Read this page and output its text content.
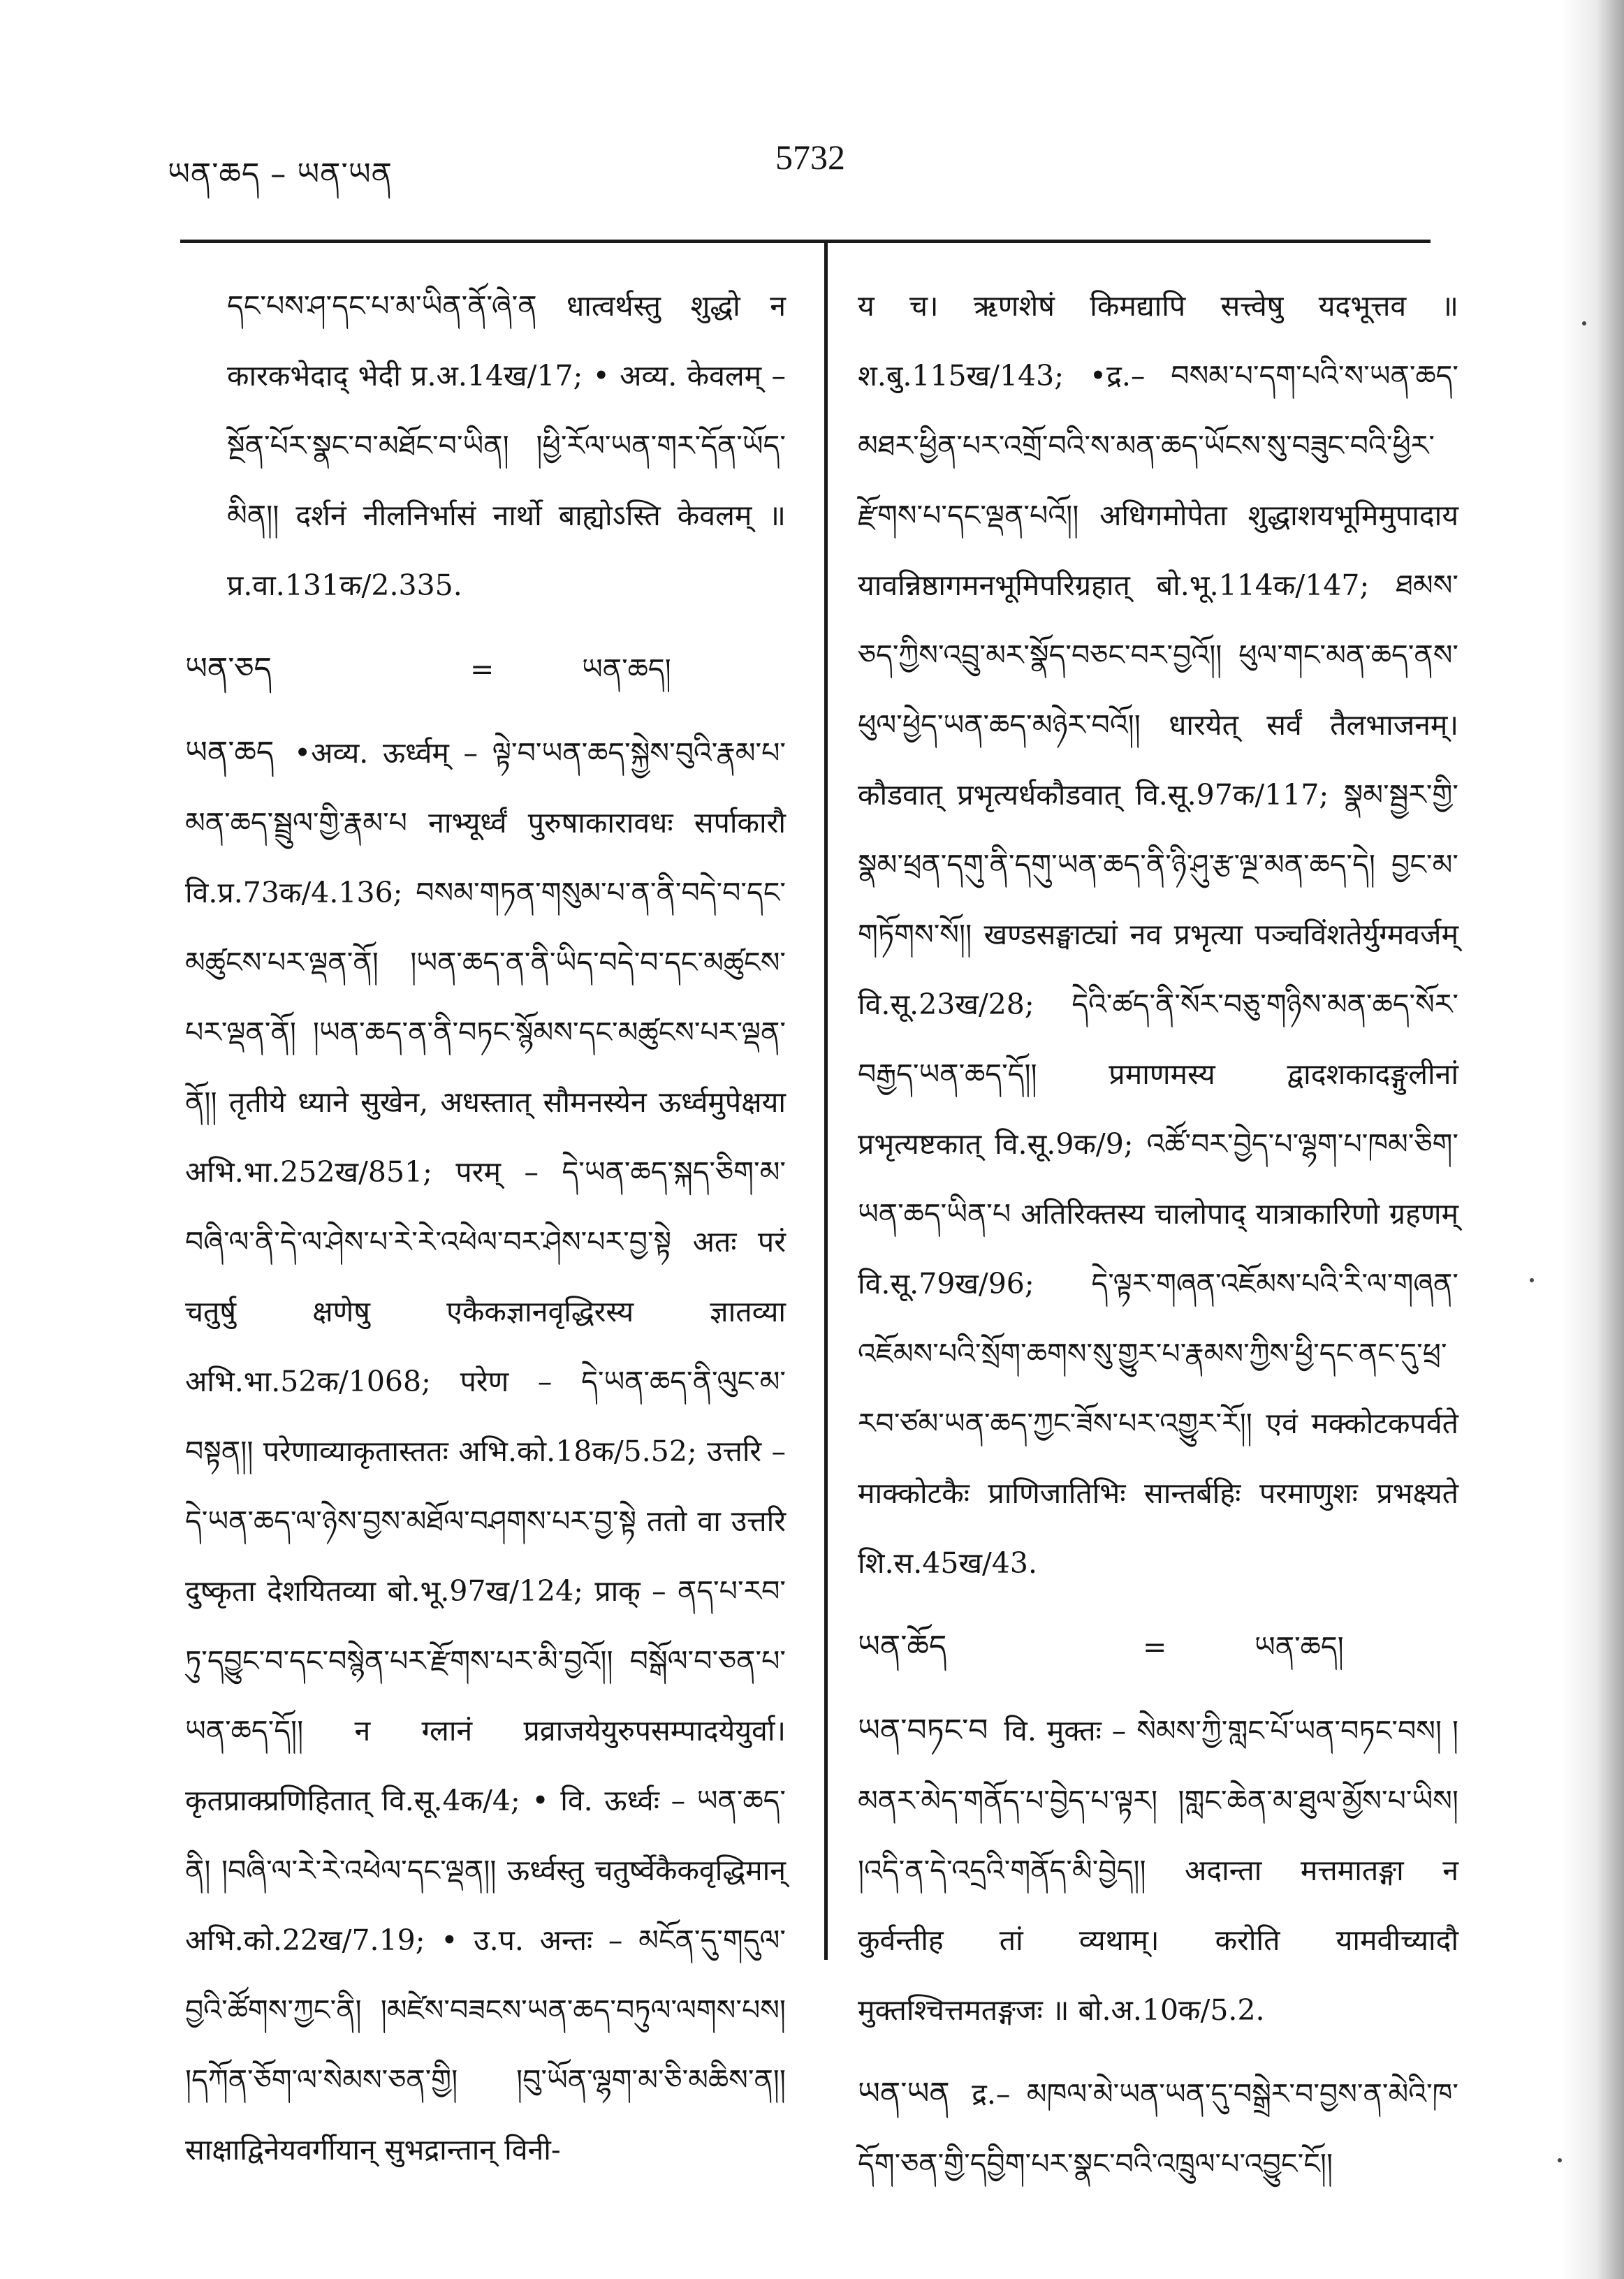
ཡན་ཆད – ཡན་ཡན	5732

དང་པས་ཤ་དང་པ་མ་ཡིན་ནོ་ཞེ་ན धात्वर्थस्तु शुद्धो न कारकभेदाद् भेदी प्र.अ.14ख/17; • अव्य. केवलम् – སྔོན་པོར་སྣང་བ་མཐོང་བ་ཡིན། །ཕྱི་རོལ་ཡན་གར་དོན་ཡོད་མིན།། दर्शनं नीलनिर्भासं नार्थो बाह्योऽस्ति केवलम् ॥ प्र.वा.131क/2.335.

ཡན་ཅད	=	ཡན་ཆད།

ཡན་ཆད •अव्य. ऊर्ध्वम् – ལྟེ་བ་ཡན་ཆད་སྐྱེས་བུའི་རྣམ་པ་མན་ཆད་སྦྲུལ་གྱི་རྣམ་པ नाभ्यूर्ध्वं पुरुषाकारावधः सर्पाकारौ वि.प्र.73क/4.136; བསམ་གཏན་གསུམ་པ་ན་ནི་བདེ་བ་དང་མཚུངས་པར་ལྡན་ནོ། །ཡན་ཆད་ན་ནི་ཡིད་བདེ་བ་དང་མཚུངས་པར་ལྡན་ནོ། །ཡན་ཆད་ན་ནི་བཏང་སྙོམས་དང་མཚུངས་པར་ལྡན་ནོ།། तृतीये ध्याने सुखेन, अधस्तात् सौमनस्येन ऊर्ध्वमुपेक्षया अभि.भा.252ख/851; परम् – དེ་ཡན་ཆད་སྐད་ཅིག་མ་བཞི་ལ་ནི་དེ་ལ་ཤེས་པ་རེ་རེ་འཕེལ་བར་ཤེས་པར་བྱ་སྟེ अतः परं चतुर्षु क्षणेषु एकैकज्ञानवृद्धिरस्य ज्ञातव्या अभि.भा.52क/1068; परेण – དེ་ཡན་ཆད་ནི་ལུང་མ་བསྟན།། परेणाव्याकृतास्ततः अभि.को.18क/5.52; उत्तरि – དེ་ཡན་ཆད་ལ་ཉེས་བྱས་མཐོལ་བཤགས་པར་བྱ་སྟེ ततो वा उत्तरि दुष्कृता देशयितव्या बो.भू.97ख/124; प्राक् – ནད་པ་རབ་ཏུ་དབྱུང་བ་དང་བསྙེན་པར་རྫོགས་པར་མི་བྱའོ།། བསྒོལ་བ་ཅན་པ་ཡན་ཆད་དོ།། न ग्लानं प्रव्राजयेयुरुपसम्पादयेयुर्वा। कृतप्राक्प्रणिहितात् वि.सू.4क/4; • वि. ऊर्ध्वः – ཡན་ཆད་ནི། །བཞི་ལ་རེ་རེ་འཕེལ་དང་ལྡན།། ऊर्ध्वस्तु चतुर्ष्वेकैकवृद्धिमान् अभि.को.22ख/7.19; • उ.प. अन्तः – མངོན་དུ་གདུལ་བྱའི་ཚོགས་ཀྱང་ནི། །མཛེས་བཟངས་ཡན་ཆད་བཏུལ་ལགས་པས། །དཀོན་ཅོག་ལ་སེམས་ཅན་གྱི། །བུ་ཡོན་ལྷག་མ་ཅི་མཆིས་ན།། साक्षाद्विनेयवर्गीयान् सुभद्रान्तान् विनी-

य च। ऋणशेषं किमद्यापि सत्त्वेषु यदभूत्तव ॥ श.बु.115ख/143; •द्र.– བསམ་པ་དག་པའི་ས་ཡན་ཆད་མཐར་ཕྱིན་པར་འགྲོ་བའི་ས་མན་ཆད་ཡོངས་སུ་བཟུང་བའི་ཕྱིར་རྫོགས་པ་དང་ལྡན་པའོ།། अधिगमोपेता शुद्धाशयभूमिमुपादाय यावन्निष्ठागमनभूमिपरिग्रहात् बो.भू.114क/147; ཐམས་ཅད་ཀྱིས་འབྲུ་མར་སྣོད་བཅང་བར་བྱའོ།། ཕུལ་གང་མན་ཆད་ནས་ཕུལ་ཕྱེད་ཡན་ཆད་མཉེར་བའོ།། धारयेत् सर्वं तैलभाजनम्। कौडवात् प्रभृत्यर्धकौडवात् वि.सू.97क/117; སྣམ་སྦྱར་གྱི་སྣམ་ཕྲན་དགུ་ནི་དགུ་ཡན་ཆད་ནི་ཉི་ཤུ་རྩ་ལྔ་མན་ཆད་དེ། བྱང་མ་གཏོགས་སོ།། खण्डसङ्घाट्यां नव प्रभृत्या पञ्चविंशतेर्युग्मवर्जम् वि.सू.23ख/28; དེའི་ཚད་ནི་སོར་བཅུ་གཉིས་མན་ཆད་སོར་བརྒྱད་ཡན་ཆད་དོ།། प्रमाणमस्य द्वादशकादङ्गुलीनां प्रभृत्यष्टकात् वि.सू.9क/9; འཚོ་བར་བྱེད་པ་ལྷག་པ་ཁམ་ཅིག་ཡན་ཆད་ཡིན་པ अतिरिक्तस्य चालोपाद् यात्राकारिणो ग्रहणम् वि.सू.79ख/96; དེ་ལྟར་གཞན་འཇོམས་པའི་རི་ལ་གཞན་འཇོམས་པའི་སྲོག་ཆགས་སུ་གྱུར་པ་རྣམས་ཀྱིས་ཕྱི་དང་ནང་དུ་ཕྲ་རབ་ཙམ་ཡན་ཆད་ཀྱང་ཟོས་པར་འགྱུར་རོ།། एवं मक्कोटकपर्वते माक्कोटकैः प्राणिजातिभिः सान्तर्बहिः परमाणुशः प्रभक्ष्यते शि.स.45ख/43.

ཡན་ཆོད	=	ཡན་ཆད།

ཡན་བཏང་བ वि. मुक्तः – སེམས་ཀྱི་གླང་པོ་ཡན་བཏང་བས། །མནར་མེད་གནོད་པ་བྱེད་པ་ལྟར། །གླང་ཆེན་མ་ཐུལ་མྱོས་པ་ཡིས། །འདི་ན་དེ་འདྲའི་གནོད་མི་བྱེད།། अदान्ता मत्तमातङ्गा न कुर्वन्तीह तां व्यथाम्। करोति यामवीच्यादौ मुक्तश्चित्तमतङ्गजः ॥ बो.अ.10क/5.2.

ཡན་ཡན द्र.– མཁལ་མེ་ཡན་ཡན་དུ་བསྒྲེར་བ་བྱས་ན་མེའི་ཁ་དོག་ཅན་གྱི་དབྱིག་པར་སྣང་བའི་འཁྲུལ་པ་འབྱུང་ངོ།།
